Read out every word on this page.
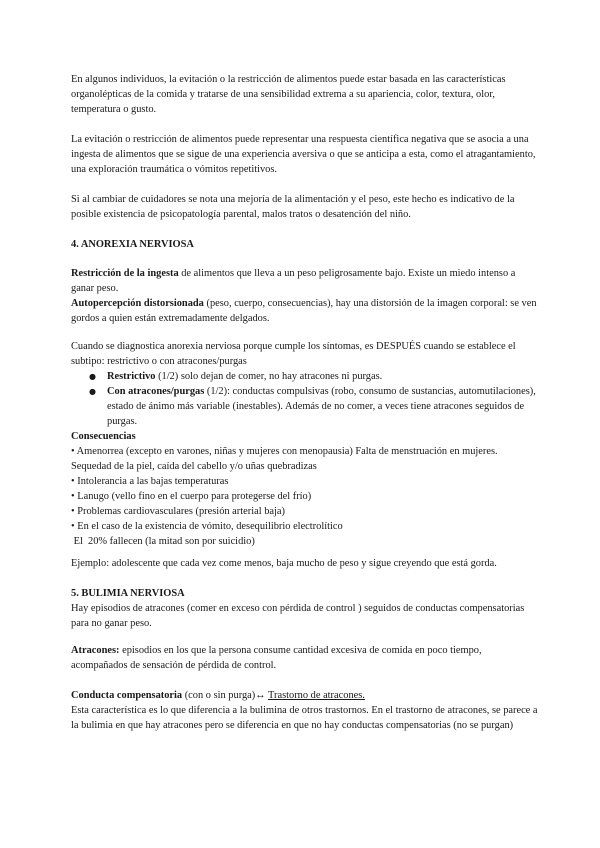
En algunos individuos, la evitación o la restricción de alimentos puede estar basada en las características organolépticas de la comida y tratarse de una sensibilidad extrema a su apariencia, color, textura, olor, temperatura o gusto.

La evitación o restricción de alimentos puede representar una respuesta científica negativa que se asocia a una ingesta de alimentos que se sigue de una experiencia aversiva o que se anticipa a esta, como el atragantamiento, una exploración traumática o vómitos repetitivos.

Si al cambiar de cuidadores se nota una mejoría de la alimentación y el peso, este hecho es indicativo de la posible existencia de psicopatología parental, malos tratos o desatención del niño.

4. ANOREXIA NERVIOSA

Restricción de la ingesta de alimentos que lleva a un peso peligrosamente bajo. Existe un miedo intenso a ganar peso.

Autopercepción distorsionada (peso, cuerpo, consecuencias), hay una distorsión de la imagen corporal: se ven gordos a quien están extremadamente delgados.

Cuando se diagnostica anorexia nerviosa porque cumple los síntomas, es DESPUÉS cuando se establece el subtipo: restrictivo o con atracones/purgas

● Restrictivo (1/2) solo dejan de comer, no hay atracones ni purgas.
● Con atracones/purgas (1/2): conductas compulsivas (robo, consumo de sustancias, automutilaciones), estado de ánimo más variable (inestables). Además de no comer, a veces tiene atracones seguidos de purgas.

Consecuencias

• Amenorrea (excepto en varones, niñas y mujeres con menopausia) Falta de menstruación en mujeres.

Sequedad de la piel, caída del cabello y/o uñas quebradizas

• Intolerancia a las bajas temperaturas

• Lanugo (vello fino en el cuerpo para protegerse del frío)

• Problemas cardiovasculares (presión arterial baja)

• En el caso de la existencia de vómito, desequilibrio electrolítico

El  20% fallecen (la mitad son por suicidio)

Ejemplo: adolescente que cada vez come menos, baja mucho de peso y sigue creyendo que está gorda.

5. BULIMIA NERVIOSA

Hay episodios de atracones (comer en exceso con pérdida de control ) seguidos de conductas compensatorias para no ganar peso.

Atracones: episodios en los que la persona consume cantidad excesiva de comida en poco tiempo, acompañados de sensación de pérdida de control.

Conducta compensatoria (con o sin purga)↔ Trastorno de atracones.

Esta característica es lo que diferencia a la bulimina de otros trastornos. En el trastorno de atracones, se parece a la bulimia en que hay atracones pero se diferencia en que no hay conductas compensatorias (no se purgan)
